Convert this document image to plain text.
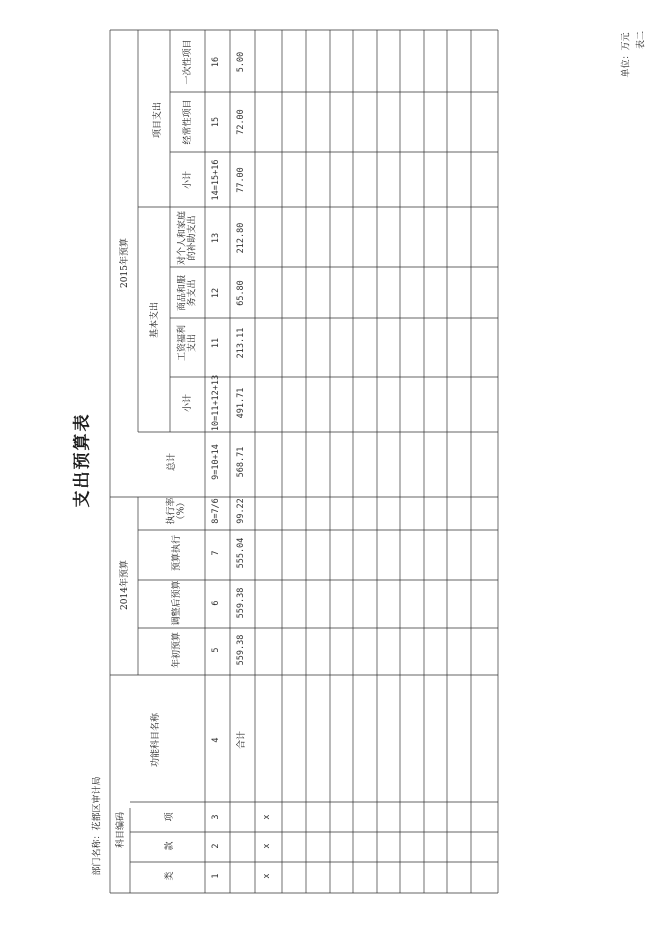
表二
单位：万元
支出预算表
部门名称：花都区审计局 科目编码
类
款
项
功能科目名称
2014年预算
年初预算
调整后预算
预算执行
执行率
（%）
2015年预算
总计
基本支出
小计
工资福利
支出
商品和服
务支出
对个人和家庭
的补助支出
项目支出
小计
经常性项目
一次性项目
1
2
3
4
5
6
7
8=7/6
9=10+14
10=11+12+13
11
12
13
14=15+16
15
16
合计
559.38
559.38
555.04
99.22
568.71
491.71
213.11
65.80
212.80
77.00
72.00
5.00
x
x
x
